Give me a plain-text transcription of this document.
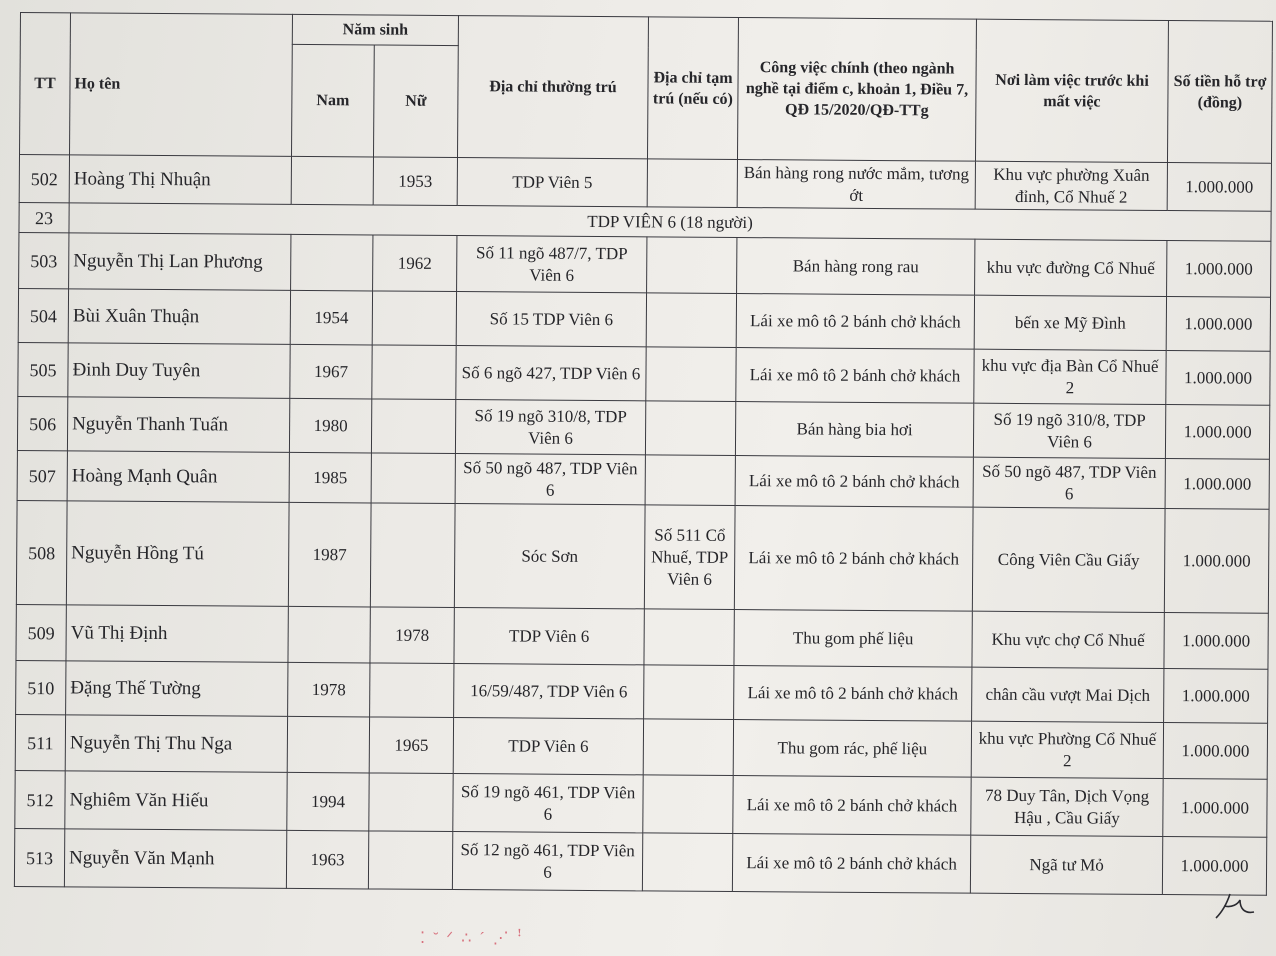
TT	Họ tên	Năm sinh		Địa chỉ thường trú	Địa chỉ tạm trú (nếu có)	Công việc chính (theo ngành nghề tại điểm c, khoản 1, Điều 7, QĐ 15/2020/QĐ-TTg	Nơi làm việc trước khi mất việc	Số tiền hỗ trợ (đồng)
		Nam	Nữ					
502	Hoàng Thị Nhuận		1953	TDP Viên 5		Bán hàng rong nước mắm, tương ớt	Khu vực phường Xuân đỉnh, Cổ Nhuế 2	1.000.000
23	TDP VIÊN 6 (18 người)							
503	Nguyễn Thị Lan Phương		1962	Số 11 ngõ 487/7, TDP Viên 6		Bán hàng rong rau	khu vực đường Cổ Nhuế	1.000.000
504	Bùi Xuân Thuận	1954		Số 15 TDP Viên 6		Lái xe mô tô 2 bánh chở khách	bến xe Mỹ Đình	1.000.000
505	Đinh Duy Tuyên	1967		Số 6 ngõ 427, TDP Viên 6		Lái xe mô tô 2 bánh chở khách	khu vực địa Bàn Cổ Nhuế 2	1.000.000
506	Nguyễn Thanh Tuấn	1980		Số 19 ngõ 310/8, TDP Viên 6		Bán hàng bia hơi	Số 19 ngõ 310/8, TDP Viên 6	1.000.000
507	Hoàng Mạnh Quân	1985		Số 50 ngõ 487, TDP Viên 6		Lái xe mô tô 2 bánh chở khách	Số 50 ngõ 487, TDP Viên 6	1.000.000
508	Nguyễn Hồng Tú	1987		Sóc Sơn	Số 511 Cổ Nhuế, TDP Viên 6	Lái xe mô tô 2 bánh chở khách	Công Viên Cầu Giấy	1.000.000
509	Vũ Thị Định		1978	TDP Viên 6		Thu gom phế liệu	Khu vực chợ Cổ Nhuế	1.000.000
510	Đặng Thế Tường	1978		16/59/487, TDP Viên 6		Lái xe mô tô 2 bánh chở khách	chân cầu vượt Mai Dịch	1.000.000
511	Nguyễn Thị Thu Nga		1965	TDP Viên 6		Thu gom rác, phế liệu	khu vực Phường Cổ Nhuế 2	1.000.000
512	Nghiêm Văn Hiếu	1994		Số 19 ngõ 461, TDP Viên 6		Lái xe mô tô 2 bánh chở khách	78 Duy Tân, Dịch Vọng Hậu , Cầu Giấy	1.000.000
513	Nguyễn Văn Mạnh	1963		Số 12 ngõ 461, TDP Viên 6		Lái xe mô tô 2 bánh chở khách	Ngã tư Mỏ	1.000.000
⁚ ˘ ᐟ ∴ ˊ ⋰ ꜝ
